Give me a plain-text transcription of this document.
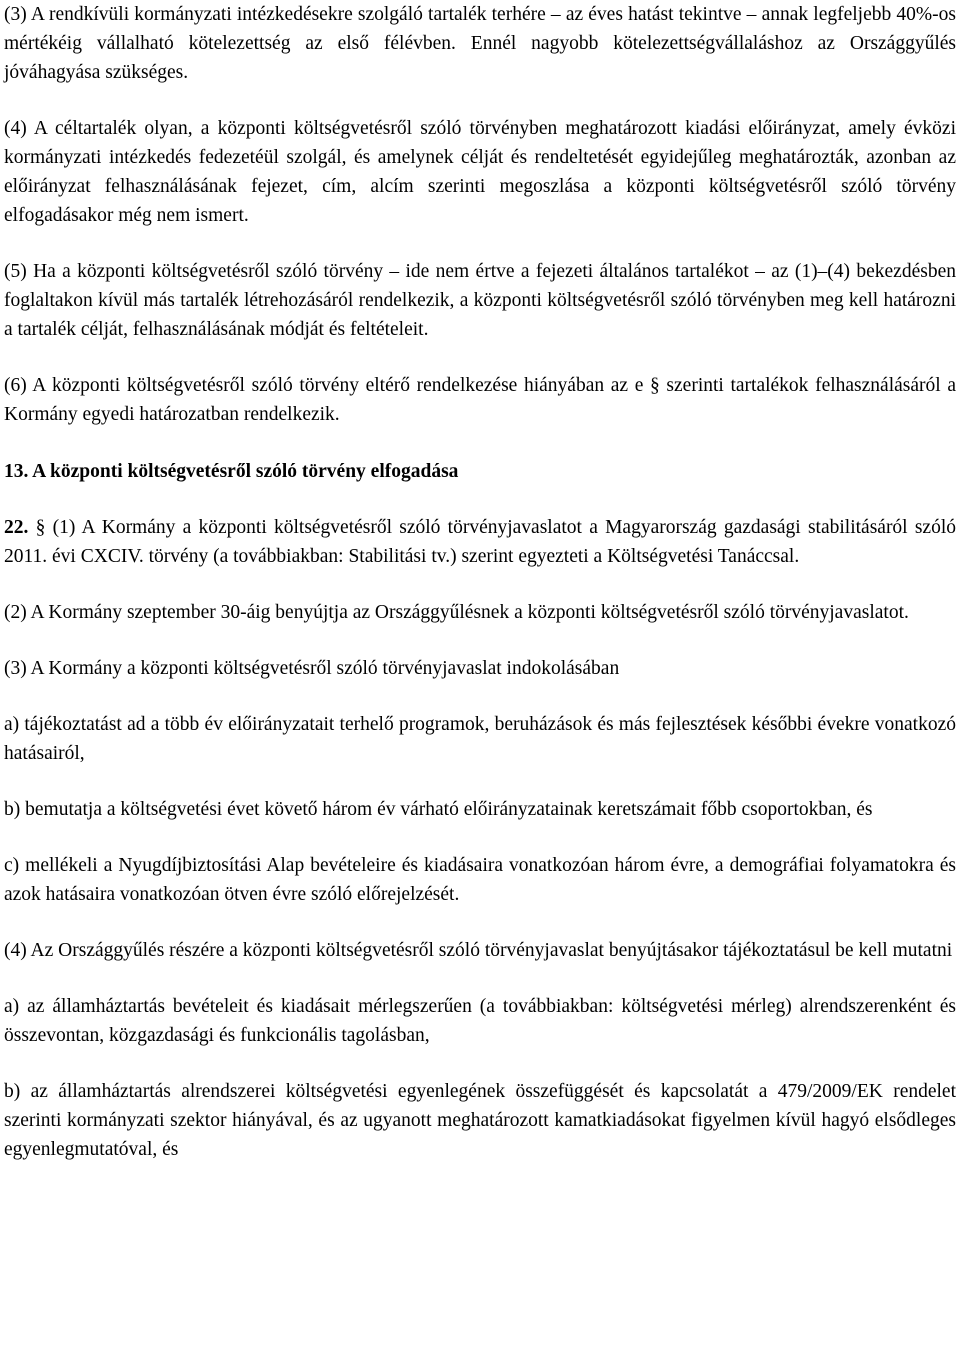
(3) A rendkívüli kormányzati intézkedésekre szolgáló tartalék terhére – az éves hatást tekintve – annak legfeljebb 40%-os mértékéig vállalható kötelezettség az első félévben. Ennél nagyobb kötelezettségvállaláshoz az Országgyűlés jóváhagyása szükséges.

(4) A céltartalék olyan, a központi költségvetésről szóló törvényben meghatározott kiadási előirányzat, amely évközi kormányzati intézkedés fedezetéül szolgál, és amelynek célját és rendeltetését egyidejűleg meghatározták, azonban az előirányzat felhasználásának fejezet, cím, alcím szerinti megoszlása a központi költségvetésről szóló törvény elfogadásakor még nem ismert.

(5) Ha a központi költségvetésről szóló törvény – ide nem értve a fejezeti általános tartalékot – az (1)–(4) bekezdésben foglaltakon kívül más tartalék létrehozásáról rendelkezik, a központi költségvetésről szóló törvényben meg kell határozni a tartalék célját, felhasználásának módját és feltételeit.

(6) A központi költségvetésről szóló törvény eltérő rendelkezése hiányában az e § szerinti tartalékok felhasználásáról a Kormány egyedi határozatban rendelkezik.

13. A központi költségvetésről szóló törvény elfogadása

22. § (1) A Kormány a központi költségvetésről szóló törvényjavaslatot a Magyarország gazdasági stabilitásáról szóló 2011. évi CXCIV. törvény (a továbbiakban: Stabilitási tv.) szerint egyezteti a Költségvetési Tanáccsal.

(2) A Kormány szeptember 30-áig benyújtja az Országgyűlésnek a központi költségvetésről szóló törvényjavaslatot.

(3) A Kormány a központi költségvetésről szóló törvényjavaslat indokolásában

a) tájékoztatást ad a több év előirányzatait terhelő programok, beruházások és más fejlesztések későbbi évekre vonatkozó hatásairól,

b) bemutatja a költségvetési évet követő három év várható előirányzatainak keretszámait főbb csoportokban, és

c) mellékeli a Nyugdíjbiztosítási Alap bevételeire és kiadásaira vonatkozóan három évre, a demográfiai folyamatokra és azok hatásaira vonatkozóan ötven évre szóló előrejelzését.

(4) Az Országgyűlés részére a központi költségvetésről szóló törvényjavaslat benyújtásakor tájékoztatásul be kell mutatni

a) az államháztartás bevételeit és kiadásait mérlegszerűen (a továbbiakban: költségvetési mérleg) alrendszerenként és összevontan, közgazdasági és funkcionális tagolásban,

b) az államháztartás alrendszerei költségvetési egyenlegének összefüggését és kapcsolatát a 479/2009/EK rendelet szerinti kormányzati szektor hiányával, és az ugyanott meghatározott kamatkiadásokat figyelmen kívül hagyó elsődleges egyenlegmutatóval, és
